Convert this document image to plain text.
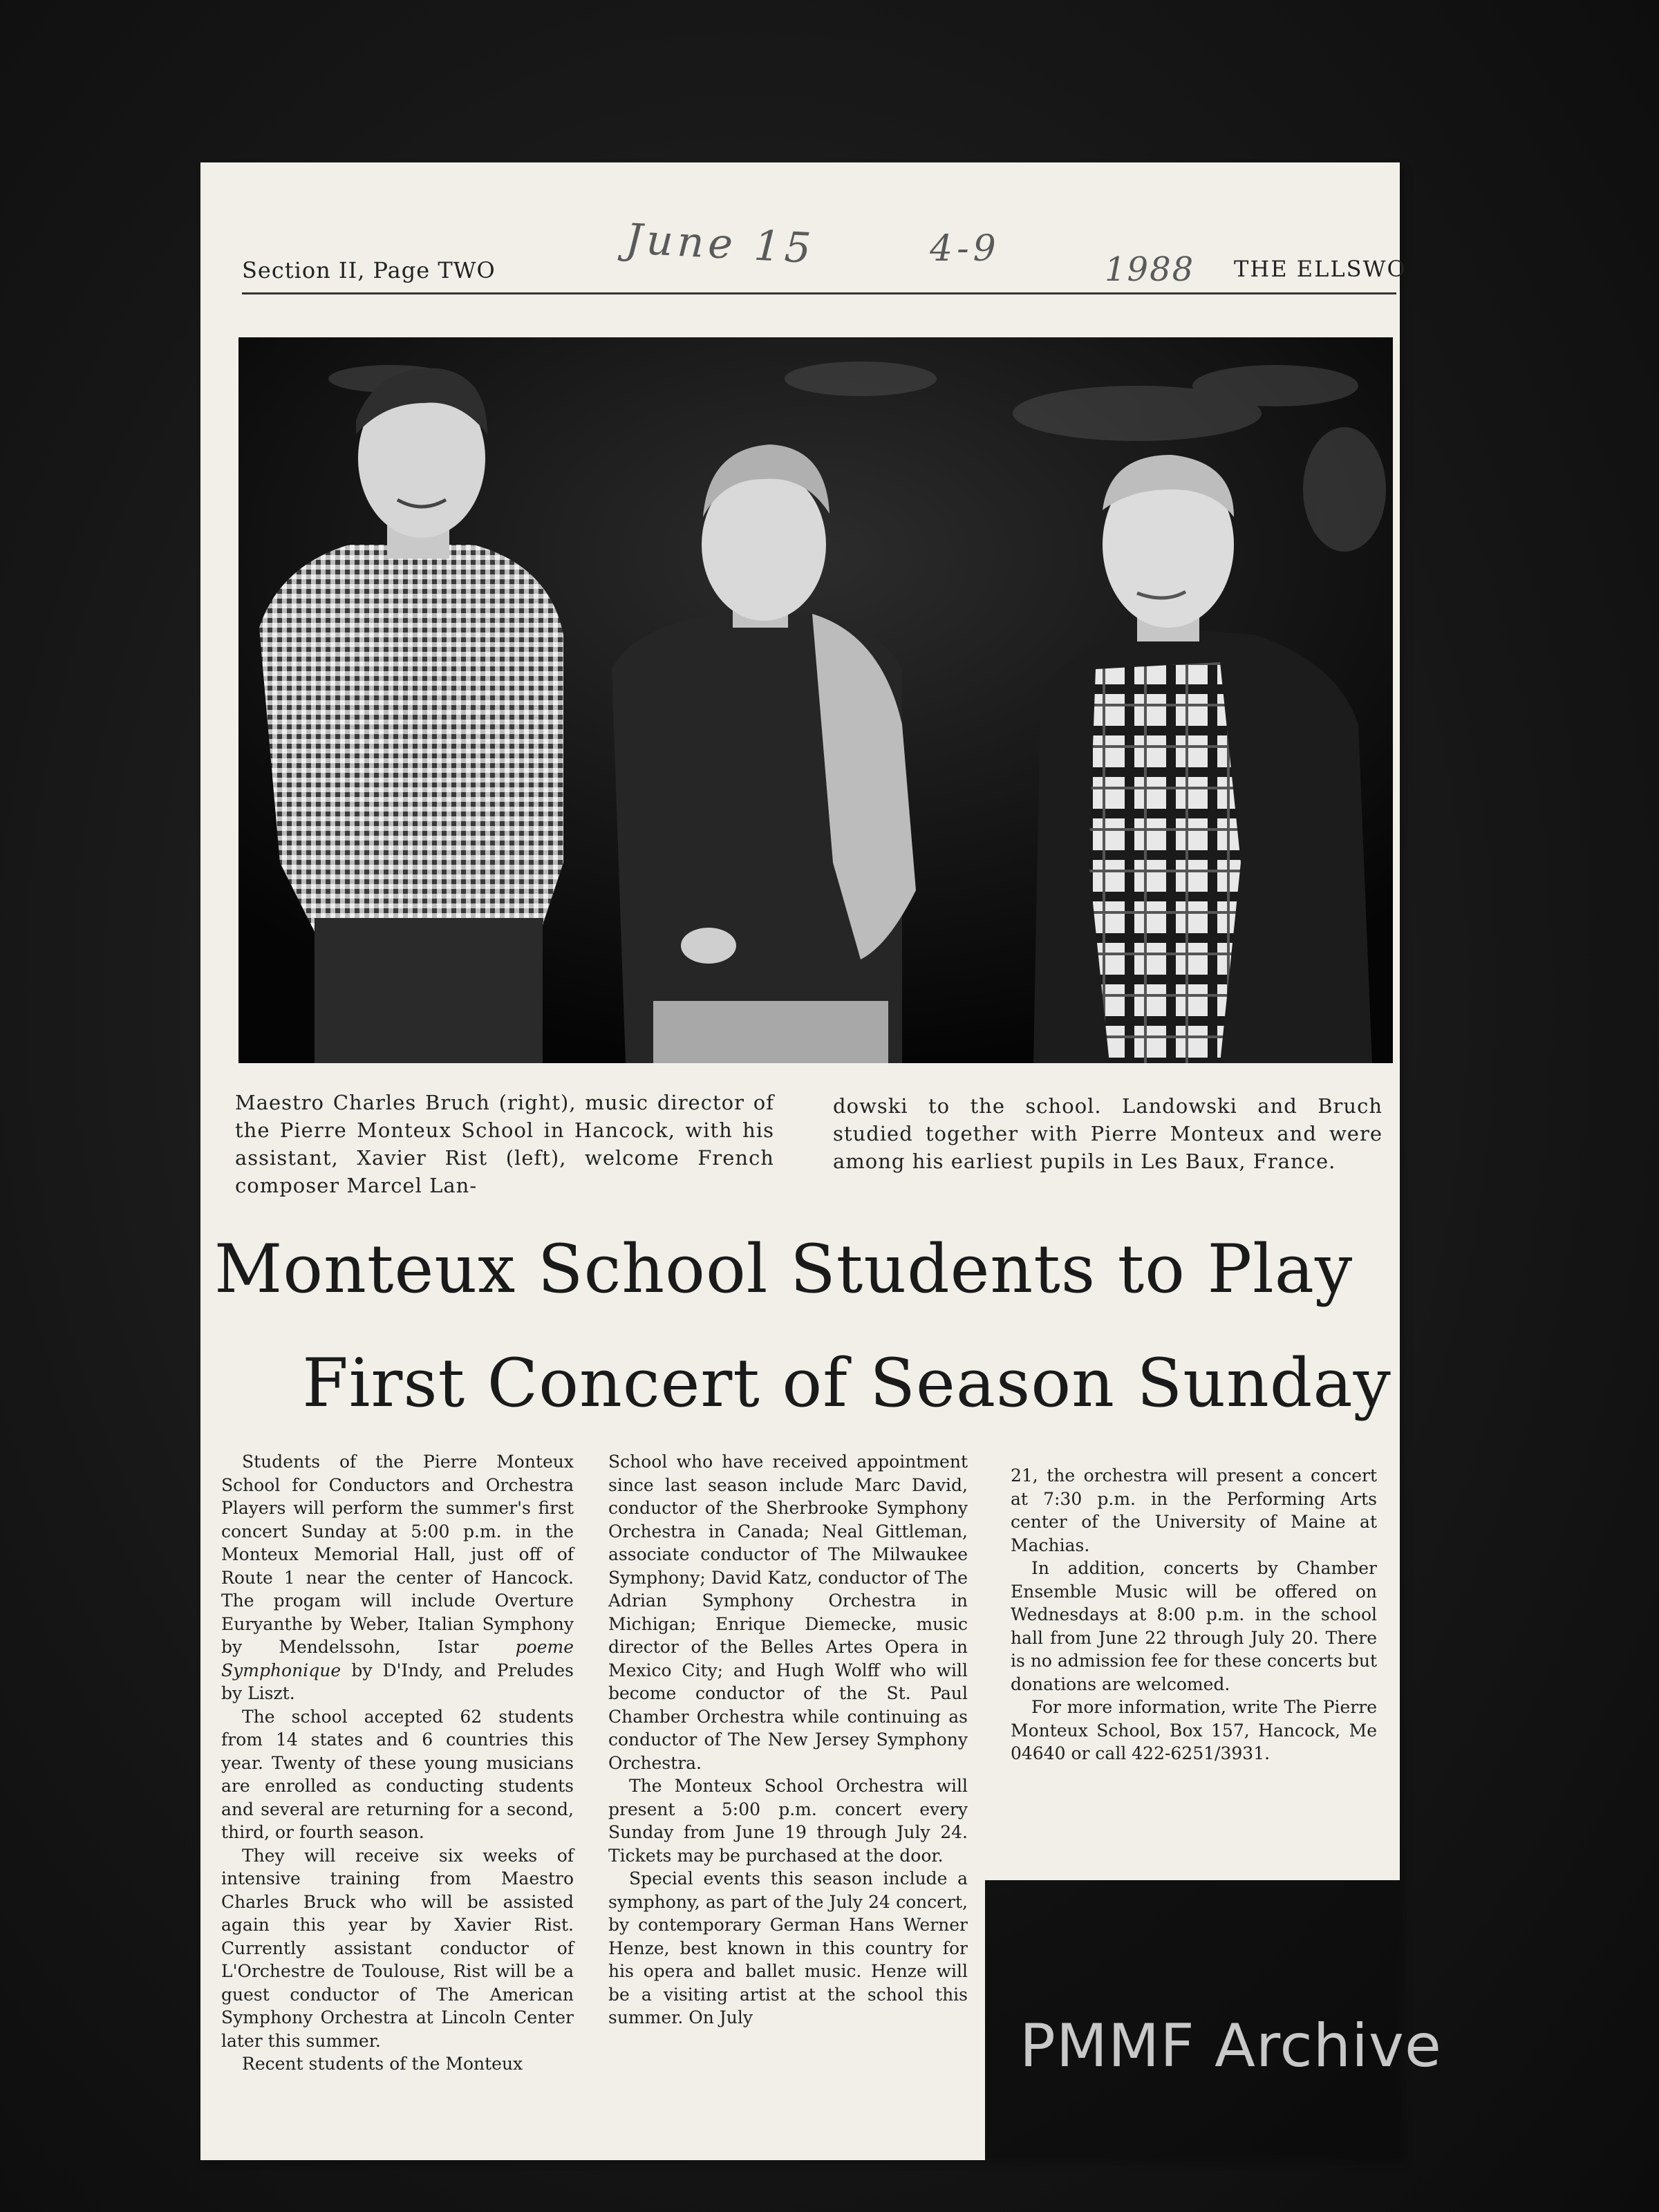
Section II, Page TWO	THE ELLSWO
June 15	4-9	1988
Maestro Charles Bruch (right), music director of the Pierre Monteux School in Hancock, with his assistant, Xavier Rist (left), welcome French composer Marcel Lan-
dowski to the school. Landowski and Bruch studied together with Pierre Monteux and were among his earliest pupils in Les Baux, France.
Monteux School Students to Play
First Concert of Season Sunday

Students of the Pierre Monteux School for Conductors and Orchestra Players will perform the summer's first concert Sunday at 5:00 p.m. in the Monteux Memorial Hall, just off of Route 1 near the center of Hancock. The progam will include Overture Euryanthe by Weber, Italian Symphony by Mendelssohn, Istar poeme Symphonique by D'Indy, and Preludes by Liszt.

The school accepted 62 students from 14 states and 6 countries this year. Twenty of these young musicians are enrolled as conducting students and several are returning for a second, third, or fourth season.

They will receive six weeks of intensive training from Maestro Charles Bruck who will be assisted again this year by Xavier Rist. Currently assistant conductor of L'Orchestre de Toulouse, Rist will be a guest conductor of The American Symphony Orchestra at Lincoln Center later this summer.

Recent students of the Monteux

School who have received appointment since last season include Marc David, conductor of the Sherbrooke Symphony Orchestra in Canada; Neal Gittleman, associate conductor of The Milwaukee Symphony; David Katz, conductor of The Adrian Symphony Orchestra in Michigan; Enrique Diemecke, music director of the Belles Artes Opera in Mexico City; and Hugh Wolff who will become conductor of the St. Paul Chamber Orchestra while continuing as conductor of The New Jersey Symphony Orchestra.

The Monteux School Orchestra will present a 5:00 p.m. concert every Sunday from June 19 through July 24. Tickets may be purchased at the door.

Special events this season include a symphony, as part of the July 24 concert, by contemporary German Hans Werner Henze, best known in this country for his opera and ballet music. Henze will be a visiting artist at the school this summer. On July

21, the orchestra will present a concert at 7:30 p.m. in the Performing Arts center of the University of Maine at Machias.

In addition, concerts by Chamber Ensemble Music will be offered on Wednesdays at 8:00 p.m. in the school hall from June 22 through July 20. There is no admission fee for these concerts but donations are welcomed.

For more information, write The Pierre Monteux School, Box 157, Hancock, Me 04640 or call 422-6251/3931.

PMMF Archive
